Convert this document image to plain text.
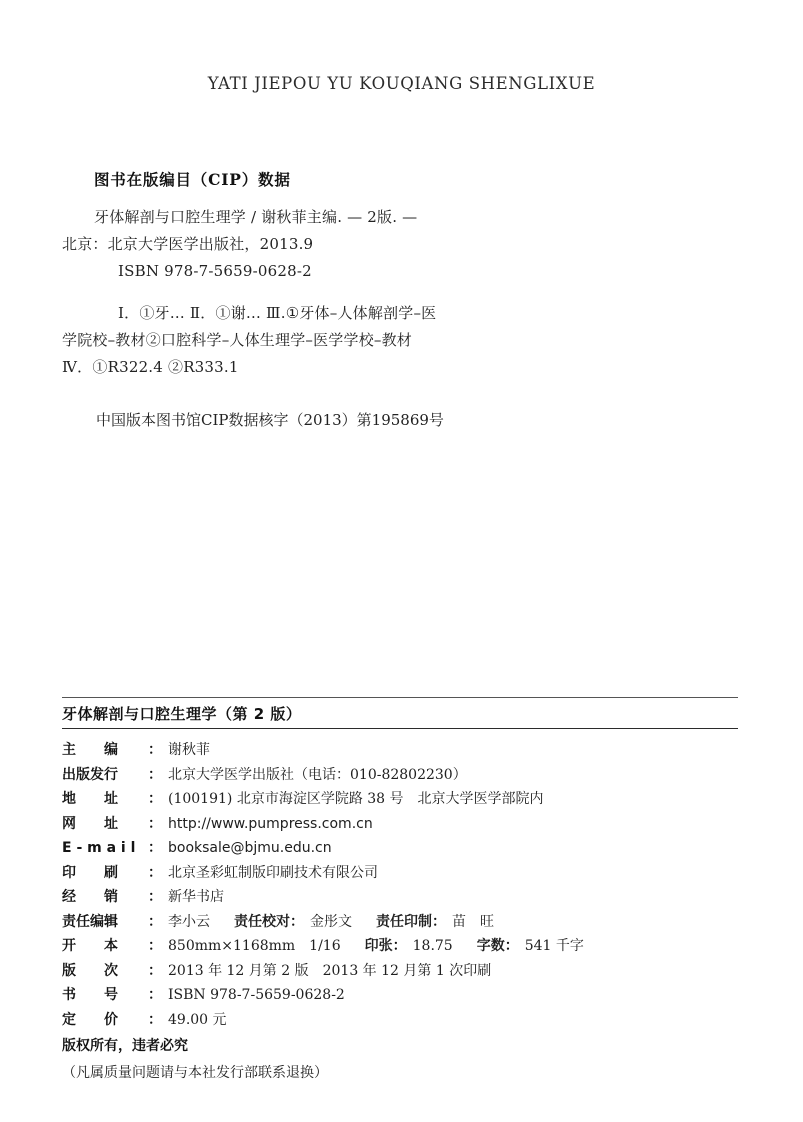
YATI JIEPOU YU KOUQIANG SHENGLIXUE
图书在版编目（CIP）数据

牙体解剖与口腔生理学 / 谢秋菲主编. — 2版. —

北京：北京大学医学出版社，2013.9

ISBN 978-7-5659-0628-2

Ⅰ．①牙… Ⅱ．①谢… Ⅲ.①牙体–人体解剖学–医

学院校–教材②口腔科学–人体生理学–医学学校–教材

Ⅳ．①R322.4 ②R333.1

中国版本图书馆CIP数据核字（2013）第195869号

牙体解剖与口腔生理学（第 2 版）
主　　编	： 谢秋菲
出版发行	： 北京大学医学出版社（电话：010-82802230）
地　　址	： (100191) 北京市海淀区学院路 38 号　北京大学医学部院内
网　　址	： http://www.pumpress.com.cn
E - m a i l ： booksale@bjmu.edu.cn
印　　刷	： 北京圣彩虹制版印刷技术有限公司
经　　销	： 新华书店
责任编辑	： 李小云 责任校对 ： 金彤文 责任印制 ： 苗　旺
开　　本	： 850mm×1168mm　1/16 印张 ： 18.75 字数 ： 541 千字
版　　次	： 2013 年 12 月第 2 版　2013 年 12 月第 1 次印刷
书　　号	： ISBN 978-7-5659-0628-2
定　　价	： 49.00 元
版权所有，违者必究
（凡属质量问题请与本社发行部联系退换）
